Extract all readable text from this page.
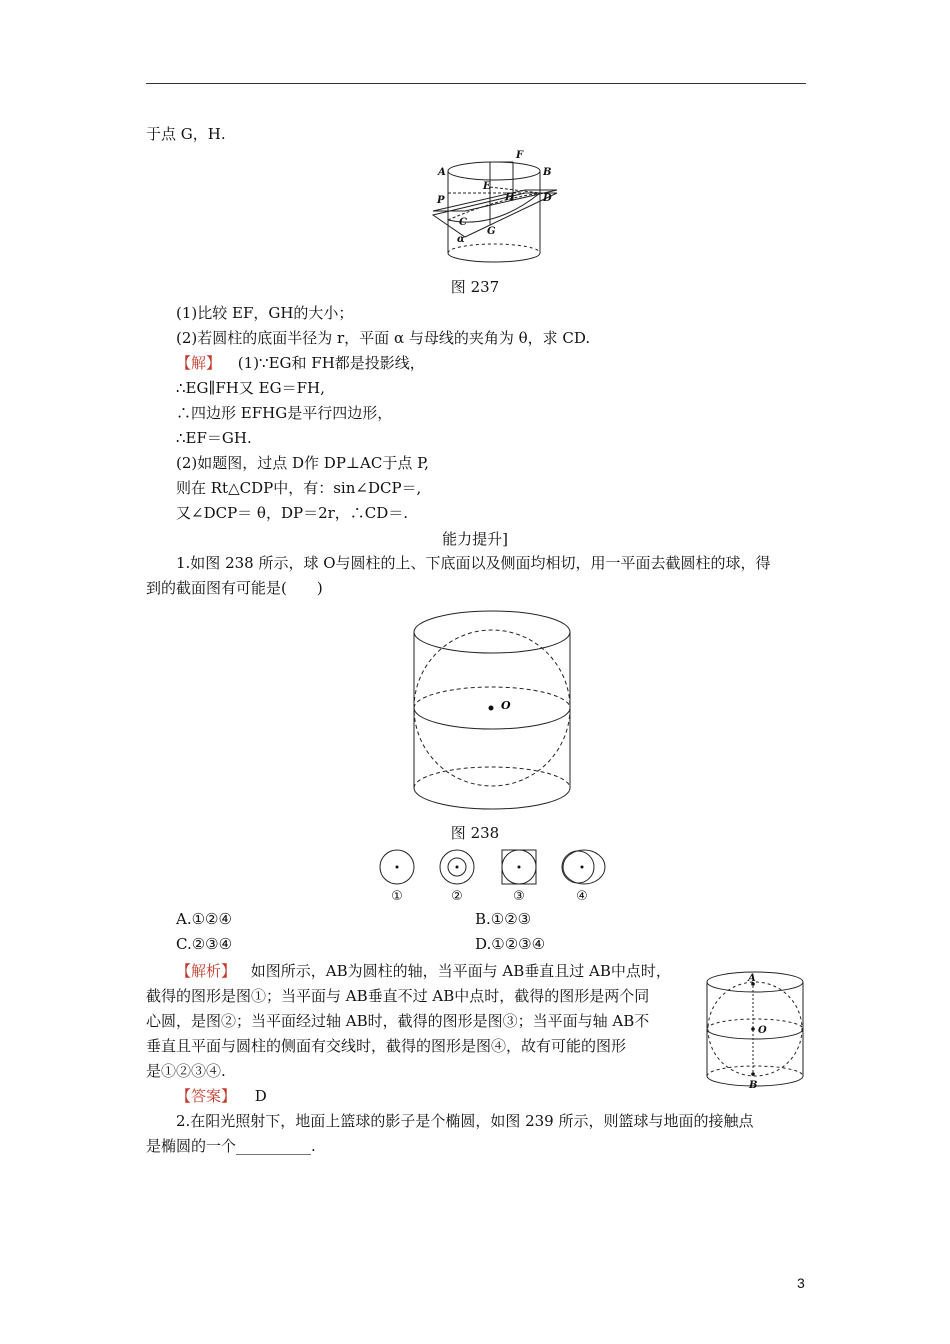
于点 G，H.
A	B
F
E
P	H	D
C
G
α
图 237
(1)比较 EF，GH的大小；
(2)若圆柱的底面半径为 r，平面 α 与母线的夹角为 θ，求 CD.
【解】 (1)∵EG和 FH都是投影线，
∴EG∥FH又 EG＝FH,
∴四边形 EFHG是平行四边形，
∴EF＝GH.
(2)如题图，过点 D作 DP⊥AC于点 P,
则在 Rt△CDP中，有：sin∠DCP＝,
又∠DCP＝ θ，DP＝2r，∴CD＝.
能力提升]
1.如图 238 所示，球 O与圆柱的上、下底面以及侧面均相切，用一平面去截圆柱的球，得
到的截面图有可能是(　　)
O
图 238
①	②	③	④
A.①②④	B.①②③
C.②③④	D.①②③④
【解析】 如图所示，AB为圆柱的轴，当平面与 AB垂直且过 AB中点时，
截得的图形是图①；当平面与 AB垂直不过 AB中点时，截得的图形是两个同
心圆，是图②；当平面经过轴 AB时，截得的图形是图③；当平面与轴 AB不
垂直且平面与圆柱的侧面有交线时，截得的图形是图④，故有可能的图形
是①②③④.
【答案】 D
A
O
B
2.在阳光照射下，地面上篮球的影子是个椭圆，如图 239 所示，则篮球与地面的接触点
是椭圆的一个__________.
3
